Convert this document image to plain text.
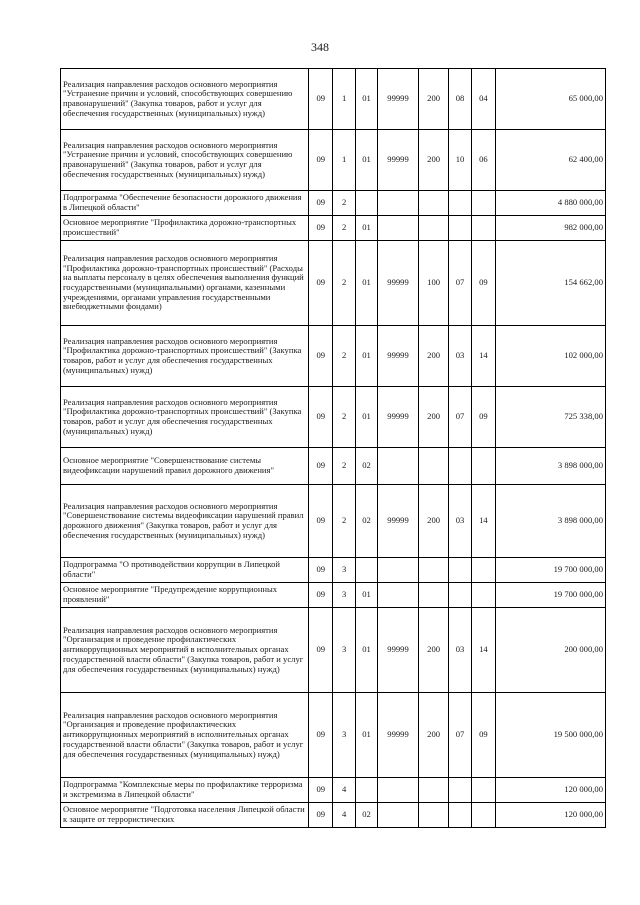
348
Реализация направления расходов основного мероприятия "Устранение причин и условий, способствующих совершению правонарушений" (Закупка товаров, работ и услуг для обеспечения государственных (муниципальных) нужд)	09	1	01	99999	200	08	04	65 000,00
Реализация направления расходов основного мероприятия "Устранение причин и условий, способствующих совершению правонарушений" (Закупка товаров, работ и услуг для обеспечения государственных (муниципальных) нужд)	09	1	01	99999	200	10	06	62 400,00
Подпрограмма "Обеспечение безопасности дорожного движения в Липецкой области"	09	2						4 880 000,00
Основное мероприятие "Профилактика дорожно-транспортных происшествий"	09	2	01					982 000,00
Реализация направления расходов основного мероприятия "Профилактика дорожно-транспортных происшествий" (Расходы на выплаты персоналу в целях обеспечения выполнения функций государственными (муниципальными) органами, казенными учреждениями, органами управления государственными внебюджетными фондами)	09	2	01	99999	100	07	09	154 662,00
Реализация направления расходов основного мероприятия "Профилактика дорожно-транспортных происшествий" (Закупка товаров, работ и услуг для обеспечения государственных (муниципальных) нужд)	09	2	01	99999	200	03	14	102 000,00
Реализация направления расходов основного мероприятия "Профилактика дорожно-транспортных происшествий" (Закупка товаров, работ и услуг для обеспечения государственных (муниципальных) нужд)	09	2	01	99999	200	07	09	725 338,00
Основное мероприятие "Совершенствование системы видеофиксации нарушений правил дорожного движения"	09	2	02					3 898 000,00
Реализация направления расходов основного мероприятия "Совершенствование системы видеофиксации нарушений правил дорожного движения" (Закупка товаров, работ и услуг для обеспечения государственных (муниципальных) нужд)	09	2	02	99999	200	03	14	3 898 000,00
Подпрограмма "О противодействии коррупции в Липецкой области"	09	3						19 700 000,00
Основное мероприятие "Предупреждение коррупционных проявлений"	09	3	01					19 700 000,00
Реализация направления расходов основного мероприятия "Организация и проведение профилактических антикоррупционных мероприятий в исполнительных органах государственной власти области" (Закупка товаров, работ и услуг для обеспечения государственных (муниципальных) нужд)	09	3	01	99999	200	03	14	200 000,00
Реализация направления расходов основного мероприятия "Организация и проведение профилактических антикоррупционных мероприятий в исполнительных органах государственной власти области" (Закупка товаров, работ и услуг для обеспечения государственных (муниципальных) нужд)	09	3	01	99999	200	07	09	19 500 000,00
Подпрограмма "Комплексные меры по профилактике терроризма и экстремизма в Липецкой области"	09	4						120 000,00
Основное мероприятие "Подготовка населения Липецкой области к защите от террористических	09	4	02					120 000,00
